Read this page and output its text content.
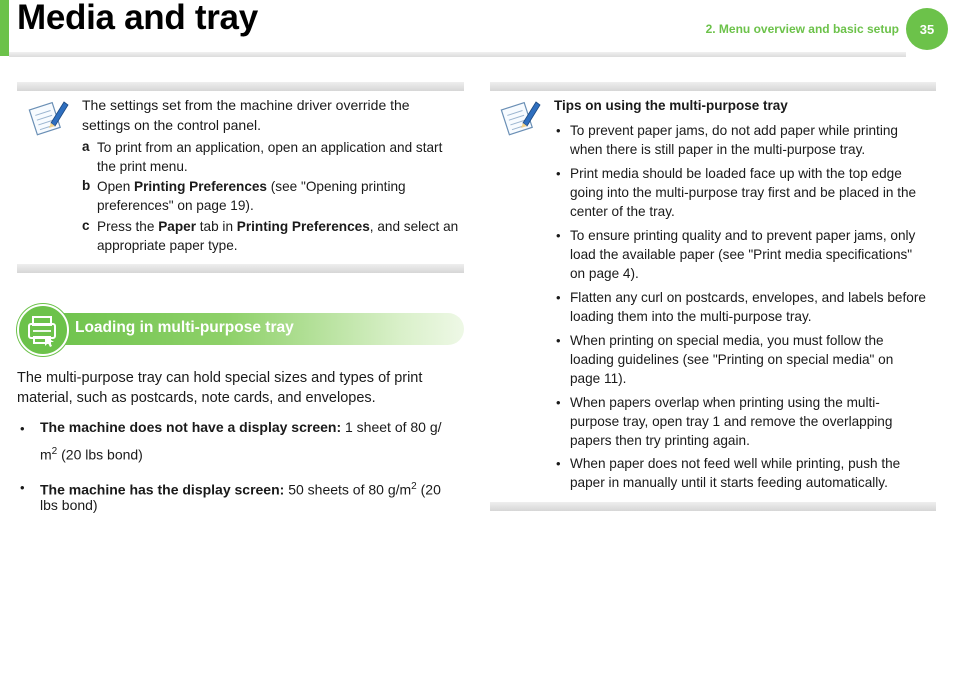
Media and tray	2. Menu overview and basic setup	35
The settings set from the machine driver override the
settings on the control panel.
a To print from an application, open an application and start
the print menu.
b Open Printing Preferences (see "Opening printing
preferences" on page 19).
c Press the Paper tab in Printing Preferences, and select an
appropriate paper type.
Loading in multi-purpose tray
The multi-purpose tray can hold special sizes and types of print
material, such as postcards, note cards, and envelopes.
• The machine does not have a display screen: 1 sheet of 80 g/
$m^2$ (20 lbs bond)
• The machine has the display screen: 50 sheets of 80 $g/m^2$ (20
lbs bond)
Tips on using the multi-purpose tray
• To prevent paper jams, do not add paper while printing
when there is still paper in the multi-purpose tray.
• Print media should be loaded face up with the top edge
going into the multi-purpose tray first and be placed in the
center of the tray.
• To ensure printing quality and to prevent paper jams, only
load the available paper (see "Print media specifications"
on page 4).
• Flatten any curl on postcards, envelopes, and labels before
loading them into the multi-purpose tray.
• When printing on special media, you must follow the
loading guidelines (see "Printing on special media" on
page 11).
• When papers overlap when printing using the multi-
purpose tray, open tray 1 and remove the overlapping
papers then try printing again.
• When paper does not feed well while printing, push the
paper in manually until it starts feeding automatically.
